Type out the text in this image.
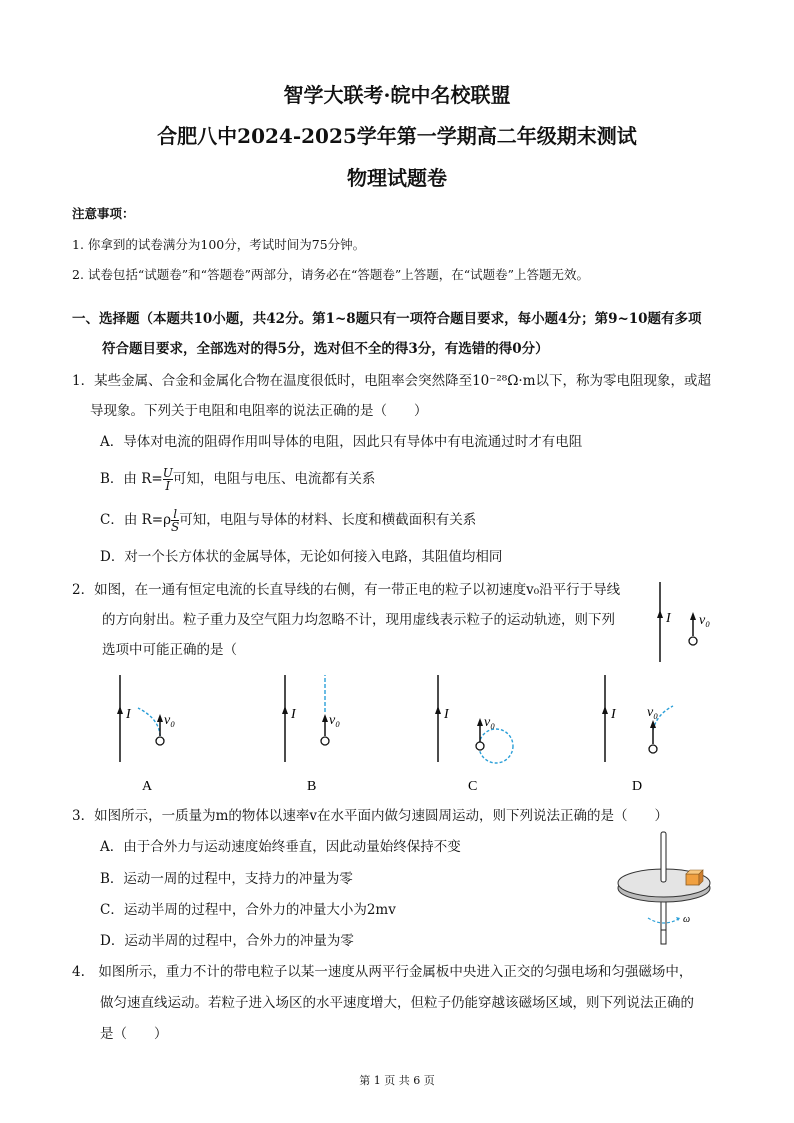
智学大联考·皖中名校联盟
合肥八中2024-2025学年第一学期高二年级期末测试
物理试题卷
注意事项：
1. 你拿到的试卷满分为100分，考试时间为75分钟。
2. 试卷包括“试题卷”和“答题卷”两部分，请务必在“答题卷”上答题，在“试题卷”上答题无效。
一、选择题（本题共10小题，共42分。第1~8题只有一项符合题目要求，每小题4分；第9~10题有多项
符合题目要求，全部选对的得5分，选对但不全的得3分，有选错的得0分）
1．某些金属、合金和金属化合物在温度很低时，电阻率会突然降至10⁻²⁸Ω·m以下，称为零电阻现象，或超
导现象。下列关于电阻和电阻率的说法正确的是（　　）
A．导体对电流的阻碍作用叫导体的电阻，因此只有导体中有电流通过时才有电阻
B．由 $R= \frac{U}{I}$ 可知，电阻与电压、电流都有关系
C．由 $R=\rho \frac{l}{S}$ 可知，电阻与导体的材料、长度和横截面积有关系
D．对一个长方体状的金属导体，无论如何接入电路，其阻值均相同
2．如图，在一通有恒定电流的长直导线的右侧，有一带正电的粒子以初速度v₀沿平行于导线
的方向射出。粒子重力及空气阻力均忽略不计，现用虚线表示粒子的运动轨迹，则下列
选项中可能正确的是（
I v₀
I v₀
A
I v₀
B
I
v₀
C
I v₀
D
3．如图所示，一质量为m的物体以速率v在水平面内做匀速圆周运动，则下列说法正确的是（　　）
A．由于合外力与运动速度始终垂直，因此动量始终保持不变
B．运动一周的过程中，支持力的冲量为零
C．运动半周的过程中，合外力的冲量大小为2mv
D．运动半周的过程中，合外力的冲量为零
ω
4.　如图所示，重力不计的带电粒子以某一速度从两平行金属板中央进入正交的匀强电场和匀强磁场中，
做匀速直线运动。若粒子进入场区的水平速度增大，但粒子仍能穿越该磁场区域，则下列说法正确的
是（　　）
第 1 页 共 6 页
